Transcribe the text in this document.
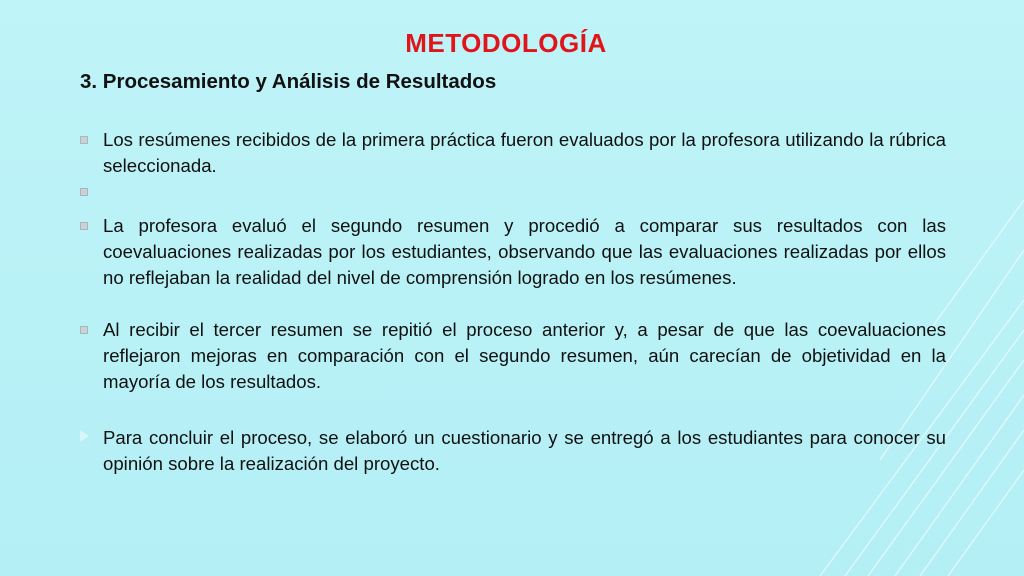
METODOLOGÍA
3. Procesamiento y Análisis de Resultados
Los resúmenes recibidos de la primera práctica fueron evaluados por la profesora utilizando la rúbrica seleccionada.
La profesora evaluó el segundo resumen y procedió a comparar sus resultados con las coevaluaciones realizadas por los estudiantes, observando que las evaluaciones realizadas por ellos no reflejaban la realidad del nivel de comprensión logrado en los resúmenes.
Al recibir el tercer resumen se repitió el proceso anterior y, a pesar de que las coevaluaciones reflejaron mejoras en comparación con el segundo resumen, aún carecían de objetividad en la mayoría de los resultados.
Para concluir el proceso, se elaboró un cuestionario y se entregó a los estudiantes para conocer su opinión sobre la realización del proyecto.
